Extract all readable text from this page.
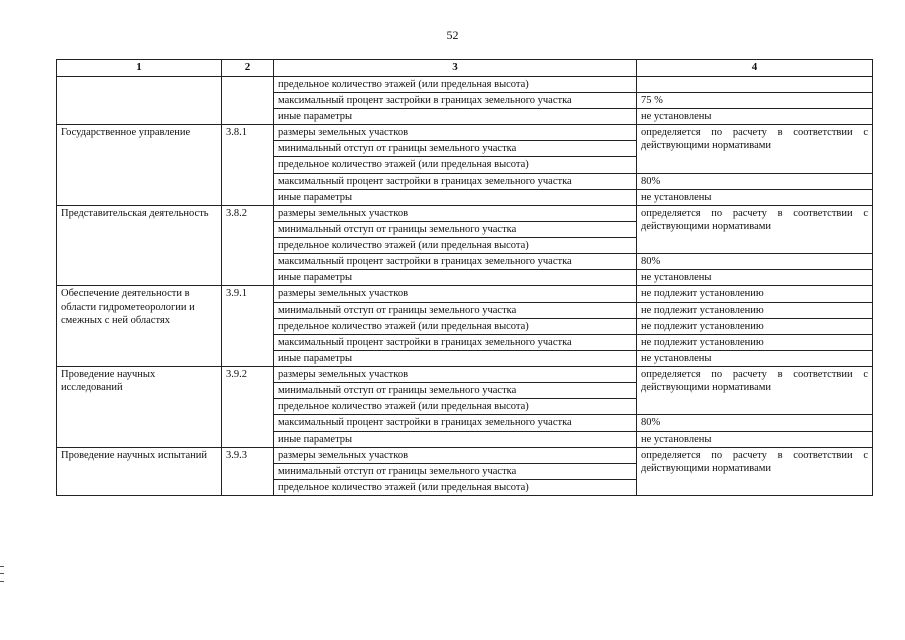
52
1	2	3	4
		предельное количество этажей (или предельная высота)	
		максимальный процент застройки в границах земельного участка	75 %
		иные параметры	не установлены
Государственное управление	3.8.1	размеры земельных участков	определяется по расчету в соответствии с действующими нормативами
		минимальный отступ от границы земельного участка	
		предельное количество этажей (или предельная высота)	
		максимальный процент застройки в границах земельного участка	80%
		иные параметры	не установлены
Представительская деятельность	3.8.2	размеры земельных участков	определяется по расчету в соответствии с действующими нормативами
		минимальный отступ от границы земельного участка	
		предельное количество этажей (или предельная высота)	
		максимальный процент застройки в границах земельного участка	80%
		иные параметры	не установлены
Обеспечение деятельности в области гидрометеорологии и смежных с ней областях	3.9.1	размеры земельных участков	не подлежит установлению
		минимальный отступ от границы земельного участка	не подлежит установлению
		предельное количество этажей (или предельная высота)	не подлежит установлению
		максимальный процент застройки в границах земельного участка	не подлежит установлению
		иные параметры	не установлены
Проведение научных исследований	3.9.2	размеры земельных участков	определяется по расчету в соответствии с действующими нормативами
		минимальный отступ от границы земельного участка	
		предельное количество этажей (или предельная высота)	
		максимальный процент застройки в границах земельного участка	80%
		иные параметры	не установлены
Проведение научных испытаний	3.9.3	размеры земельных участков	определяется по расчету в соответствии с действующими нормативами
		минимальный отступ от границы земельного участка	
		предельное количество этажей (или предельная высота)	
